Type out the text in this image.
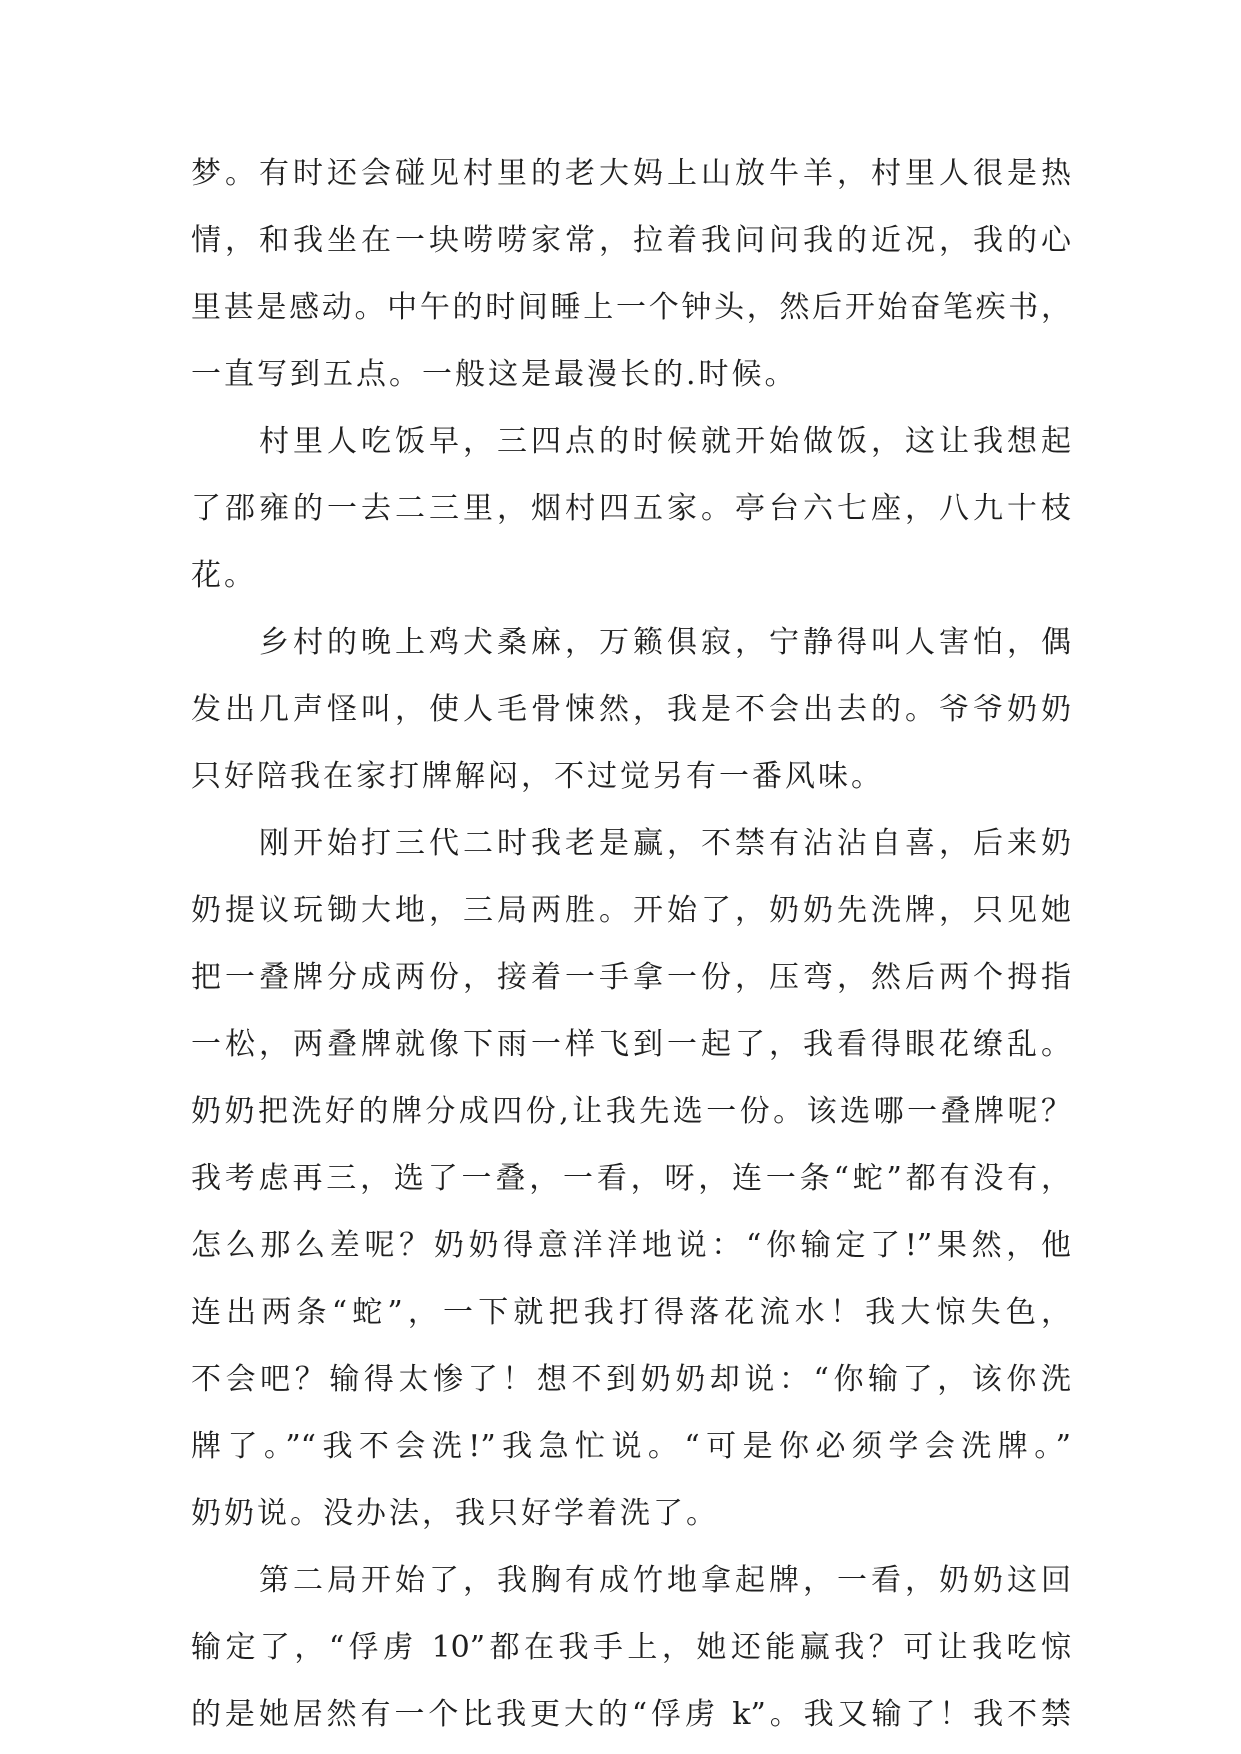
梦。有时还会碰见村里的老大妈上山放牛羊，村里人很是热
情，和我坐在一块唠唠家常，拉着我问问我的近况，我的心
里甚是感动。中午的时间睡上一个钟头，然后开始奋笔疾书，
一直写到五点。一般这是最漫长的.时候。
　　村里人吃饭早，三四点的时候就开始做饭，这让我想起
了邵雍的一去二三里，烟村四五家。亭台六七座，八九十枝
花。
　　乡村的晚上鸡犬桑麻，万籁俱寂，宁静得叫人害怕，偶
发出几声怪叫，使人毛骨悚然，我是不会出去的。爷爷奶奶
只好陪我在家打牌解闷，不过觉另有一番风味。
　　刚开始打三代二时我老是赢，不禁有沾沾自喜，后来奶
奶提议玩锄大地，三局两胜。开始了，奶奶先洗牌，只见她
把一叠牌分成两份，接着一手拿一份，压弯，然后两个拇指
一松，两叠牌就像下雨一样飞到一起了，我看得眼花缭乱。
奶奶把洗好的牌分成四份,让我先选一份。该选哪一叠牌呢？
我考虑再三，选了一叠，一看，呀，连一条“蛇”都有没有，
怎么那么差呢？奶奶得意洋洋地说：“你输定了!”果然，他
连出两条“蛇”，一下就把我打得落花流水！我大惊失色，
不会吧？输得太惨了！想不到奶奶却说：“你输了，该你洗
牌了。”“我不会洗!”我急忙说。“可是你必须学会洗牌。”
奶奶说。没办法，我只好学着洗了。
　　第二局开始了，我胸有成竹地拿起牌，一看，奶奶这回
输定了，“俘虏 10”都在我手上，她还能赢我？可让我吃惊
的是她居然有一个比我更大的“俘虏 k”。我又输了！我不禁
